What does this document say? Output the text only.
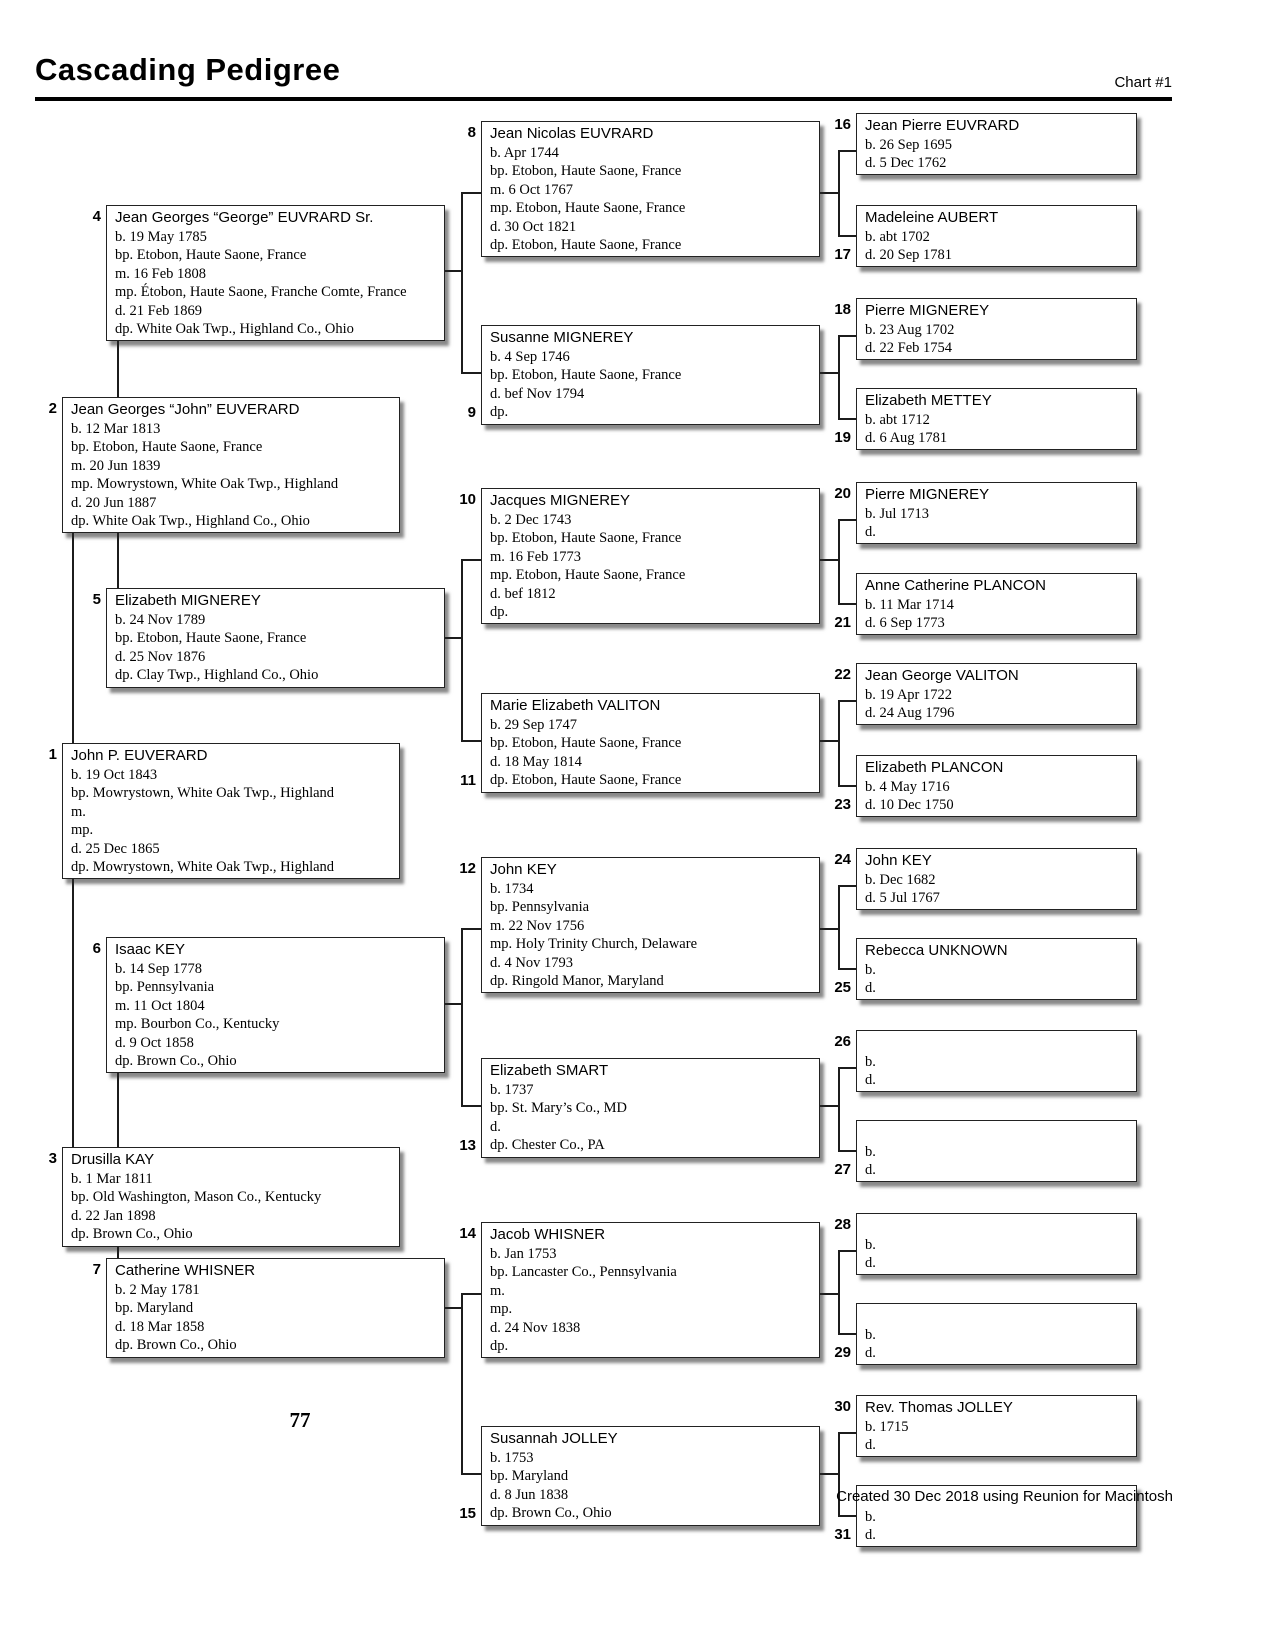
Cascading Pedigree	Chart #1
1 John P. EUVERARD
b. 19 Oct 1843
bp. Mowrystown, White Oak Twp., Highland
m.
mp.
d. 25 Dec 1865
dp. Mowrystown, White Oak Twp., Highland
2 Jean Georges “John” EUVERARD
b. 12 Mar 1813
bp. Etobon, Haute Saone, France
m. 20 Jun 1839
mp. Mowrystown, White Oak Twp., Highland
d. 20 Jun 1887
dp. White Oak Twp., Highland Co., Ohio
3 Drusilla KAY
b. 1 Mar 1811
bp. Old Washington, Mason Co., Kentucky
d. 22 Jan 1898
dp. Brown Co., Ohio
4 Jean Georges “George” EUVRARD Sr.
b. 19 May 1785
bp. Etobon, Haute Saone, France
m. 16 Feb 1808
mp. Étobon, Haute Saone, Franche Comte, France
d. 21 Feb 1869
dp. White Oak Twp., Highland Co., Ohio
5 Elizabeth MIGNEREY
b. 24 Nov 1789
bp. Etobon, Haute Saone, France
d. 25 Nov 1876
dp. Clay Twp., Highland Co., Ohio
6 Isaac KEY
b. 14 Sep 1778
bp. Pennsylvania
m. 11 Oct 1804
mp. Bourbon Co., Kentucky
d. 9 Oct 1858
dp. Brown Co., Ohio
7 Catherine WHISNER
b. 2 May 1781
bp. Maryland
d. 18 Mar 1858
dp. Brown Co., Ohio
8 Jean Nicolas EUVRARD
b. Apr 1744
bp. Etobon, Haute Saone, France
m. 6 Oct 1767
mp. Etobon, Haute Saone, France
d. 30 Oct 1821
dp. Etobon, Haute Saone, France
9
Susanne MIGNEREY
b. 4 Sep 1746
bp. Etobon, Haute Saone, France
d. bef Nov 1794
dp.
10 Jacques MIGNEREY
b. 2 Dec 1743
bp. Etobon, Haute Saone, France
m. 16 Feb 1773
mp. Etobon, Haute Saone, France
d. bef 1812
dp.
11
Marie Elizabeth VALITON
b. 29 Sep 1747
bp. Etobon, Haute Saone, France
d. 18 May 1814
dp. Etobon, Haute Saone, France
12 John KEY
b. 1734
bp. Pennsylvania
m. 22 Nov 1756
mp. Holy Trinity Church, Delaware
d. 4 Nov 1793
dp. Ringold Manor, Maryland
13
Elizabeth SMART
b. 1737
bp. St. Mary’s Co., MD
d.
dp. Chester Co., PA
14 Jacob WHISNER
b. Jan 1753
bp. Lancaster Co., Pennsylvania
m.
mp.
d. 24 Nov 1838
dp.
15
Susannah JOLLEY
b. 1753
bp. Maryland
d. 8 Jun 1838
dp. Brown Co., Ohio
16 Jean Pierre EUVRARD
b. 26 Sep 1695
d. 5 Dec 1762
17
Madeleine AUBERT
b. abt 1702
d. 20 Sep 1781
18 Pierre MIGNEREY
b. 23 Aug 1702
d. 22 Feb 1754
19
Elizabeth METTEY
b. abt 1712
d. 6 Aug 1781
20 Pierre MIGNEREY
b. Jul 1713
d.
21
Anne Catherine PLANCON
b. 11 Mar 1714
d. 6 Sep 1773
22 Jean George VALITON
b. 19 Apr 1722
d. 24 Aug 1796
23
Elizabeth PLANCON
b. 4 May 1716
d. 10 Dec 1750
24 John KEY
b. Dec 1682
d. 5 Jul 1767
25
Rebecca UNKNOWN
b.
d.
26
b.
d.
27
b.
d.
28
b.
d.
29
b.
d.
30 Rev. Thomas JOLLEY
b. 1715
d.
31
b.
d.
77
Created 30 Dec 2018 using Reunion for Macintosh
